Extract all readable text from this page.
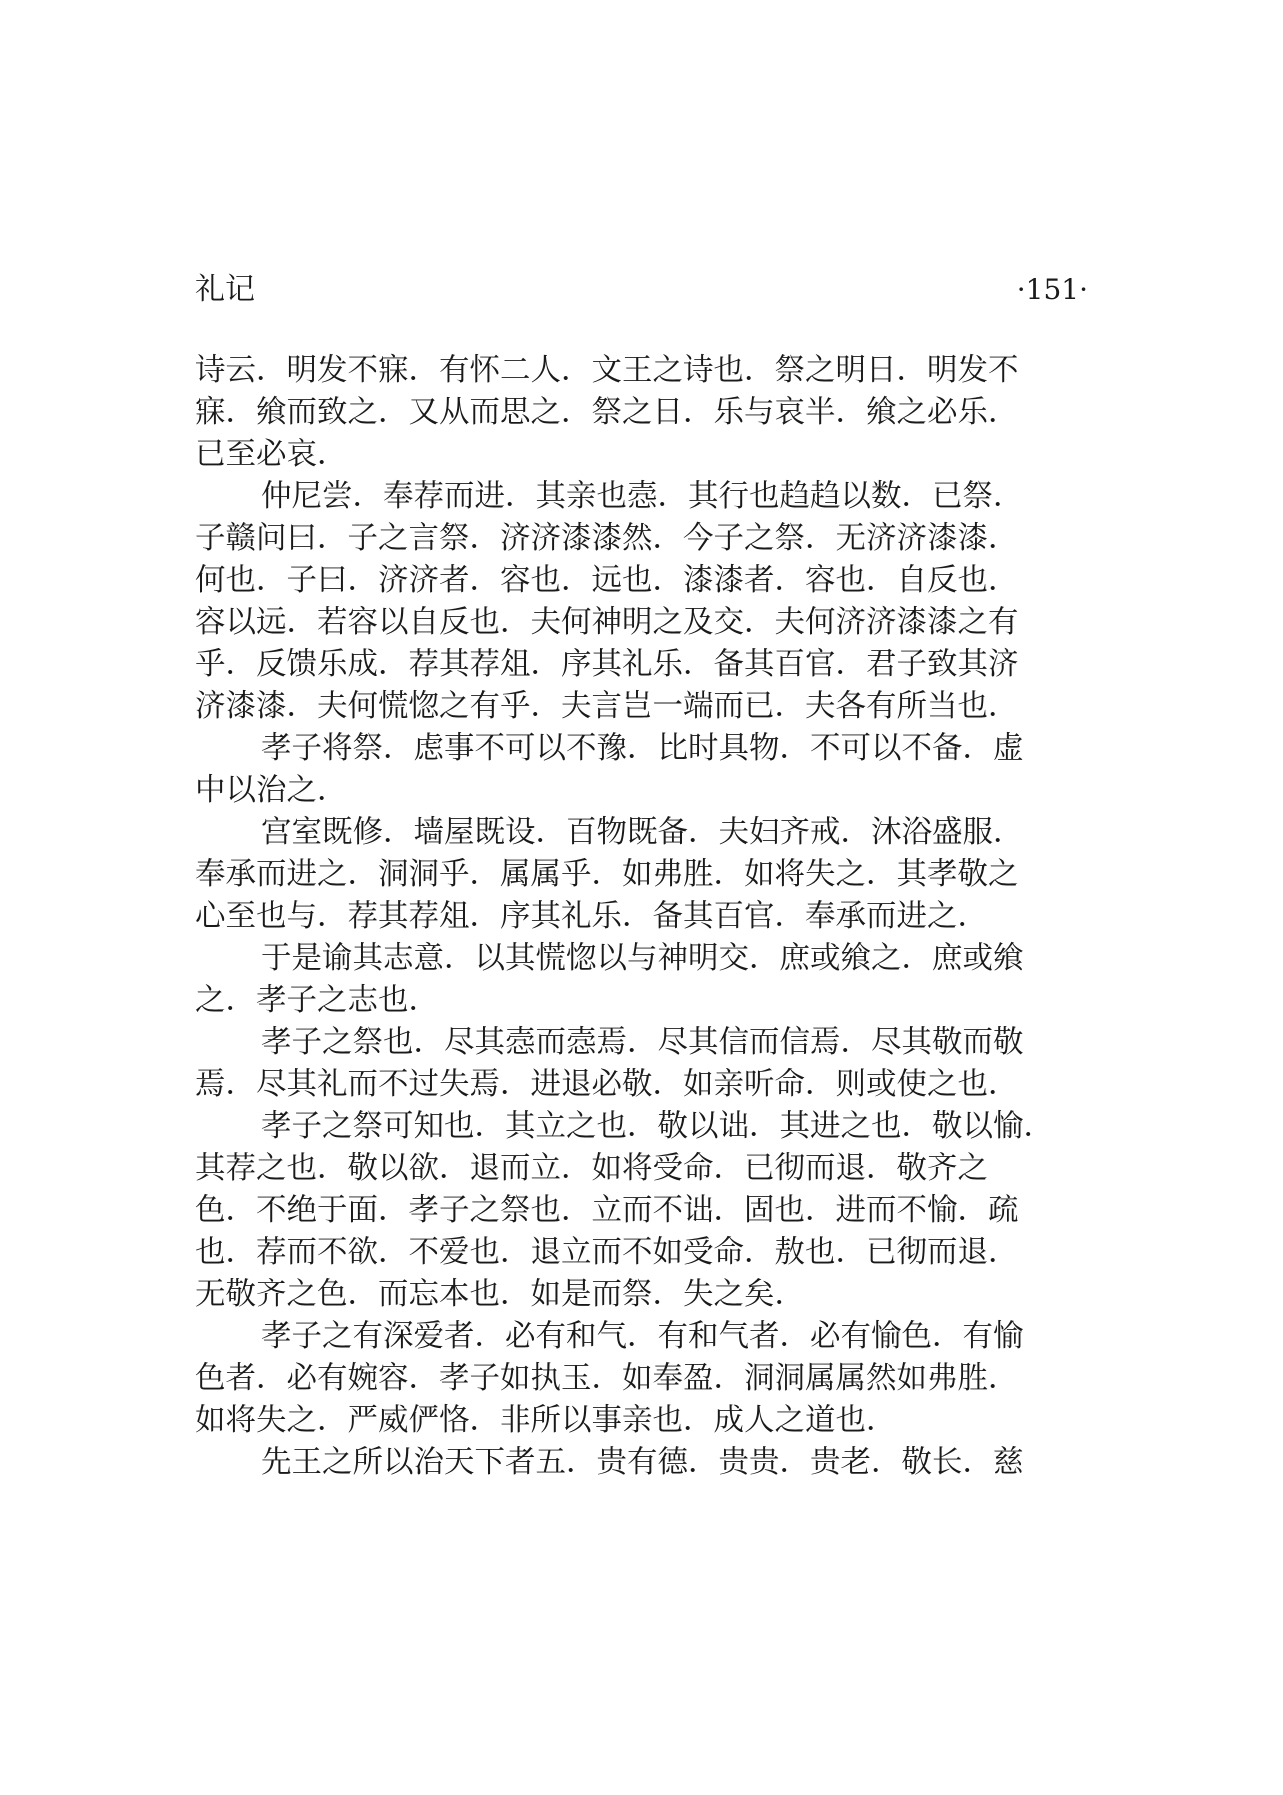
礼记	·151·
诗云．明发不寐．有怀二人．文王之诗也．祭之明日．明发不
寐．飨而致之．又从而思之．祭之日．乐与哀半．飨之必乐．
已至必哀．
仲尼尝．奉荐而进．其亲也悫．其行也趋趋以数．已祭．
子赣问曰．子之言祭．济济漆漆然．今子之祭．无济济漆漆．
何也．子曰．济济者．容也．远也．漆漆者．容也．自反也．
容以远．若容以自反也．夫何神明之及交．夫何济济漆漆之有
乎．反馈乐成．荐其荐俎．序其礼乐．备其百官．君子致其济
济漆漆．夫何慌惚之有乎．夫言岂一端而已．夫各有所当也．
孝子将祭．虑事不可以不豫．比时具物．不可以不备．虚
中以治之．
宫室既修．墙屋既设．百物既备．夫妇齐戒．沐浴盛服．
奉承而进之．洞洞乎．属属乎．如弗胜．如将失之．其孝敬之
心至也与．荐其荐俎．序其礼乐．备其百官．奉承而进之．
于是谕其志意．以其慌惚以与神明交．庶或飨之．庶或飨
之．孝子之志也．
孝子之祭也．尽其悫而悫焉．尽其信而信焉．尽其敬而敬
焉．尽其礼而不过失焉．进退必敬．如亲听命．则或使之也．
孝子之祭可知也．其立之也．敬以诎．其进之也．敬以愉．
其荐之也．敬以欲．退而立．如将受命．已彻而退．敬齐之
色．不绝于面．孝子之祭也．立而不诎．固也．进而不愉．疏
也．荐而不欲．不爱也．退立而不如受命．敖也．已彻而退．
无敬齐之色．而忘本也．如是而祭．失之矣．
孝子之有深爱者．必有和气．有和气者．必有愉色．有愉
色者．必有婉容．孝子如执玉．如奉盈．洞洞属属然如弗胜．
如将失之．严威俨恪．非所以事亲也．成人之道也．
先王之所以治天下者五．贵有德．贵贵．贵老．敬长．慈
